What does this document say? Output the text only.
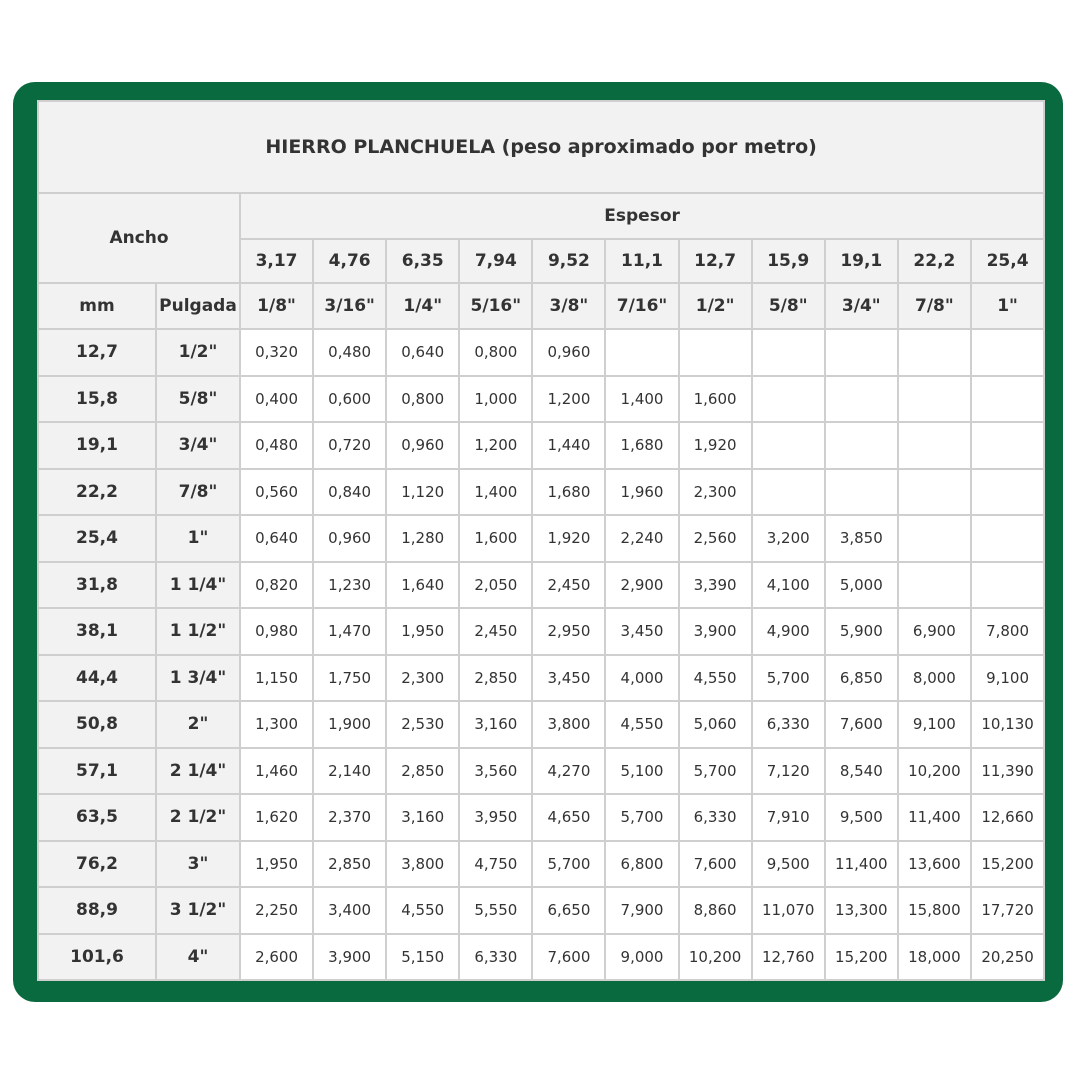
HIERRO PLANCHUELA (peso aproximado por metro)												
Ancho		Espesor										
		3,17	4,76	6,35	7,94	9,52	11,1	12,7	15,9	19,1	22,2	25,4
mm	Pulgada	1/8"	3/16"	1/4"	5/16"	3/8"	7/16"	1/2"	5/8"	3/4"	7/8"	1"
12,7	1/2"	0,320	0,480	0,640	0,800	0,960						
15,8	5/8"	0,400	0,600	0,800	1,000	1,200	1,400	1,600				
19,1	3/4"	0,480	0,720	0,960	1,200	1,440	1,680	1,920				
22,2	7/8"	0,560	0,840	1,120	1,400	1,680	1,960	2,300				
25,4	1"	0,640	0,960	1,280	1,600	1,920	2,240	2,560	3,200	3,850		
31,8	1 1/4"	0,820	1,230	1,640	2,050	2,450	2,900	3,390	4,100	5,000		
38,1	1 1/2"	0,980	1,470	1,950	2,450	2,950	3,450	3,900	4,900	5,900	6,900	7,800
44,4	1 3/4"	1,150	1,750	2,300	2,850	3,450	4,000	4,550	5,700	6,850	8,000	9,100
50,8	2"	1,300	1,900	2,530	3,160	3,800	4,550	5,060	6,330	7,600	9,100	10,130
57,1	2 1/4"	1,460	2,140	2,850	3,560	4,270	5,100	5,700	7,120	8,540	10,200	11,390
63,5	2 1/2"	1,620	2,370	3,160	3,950	4,650	5,700	6,330	7,910	9,500	11,400	12,660
76,2	3"	1,950	2,850	3,800	4,750	5,700	6,800	7,600	9,500	11,400	13,600	15,200
88,9	3 1/2"	2,250	3,400	4,550	5,550	6,650	7,900	8,860	11,070	13,300	15,800	17,720
101,6	4"	2,600	3,900	5,150	6,330	7,600	9,000	10,200	12,760	15,200	18,000	20,250
